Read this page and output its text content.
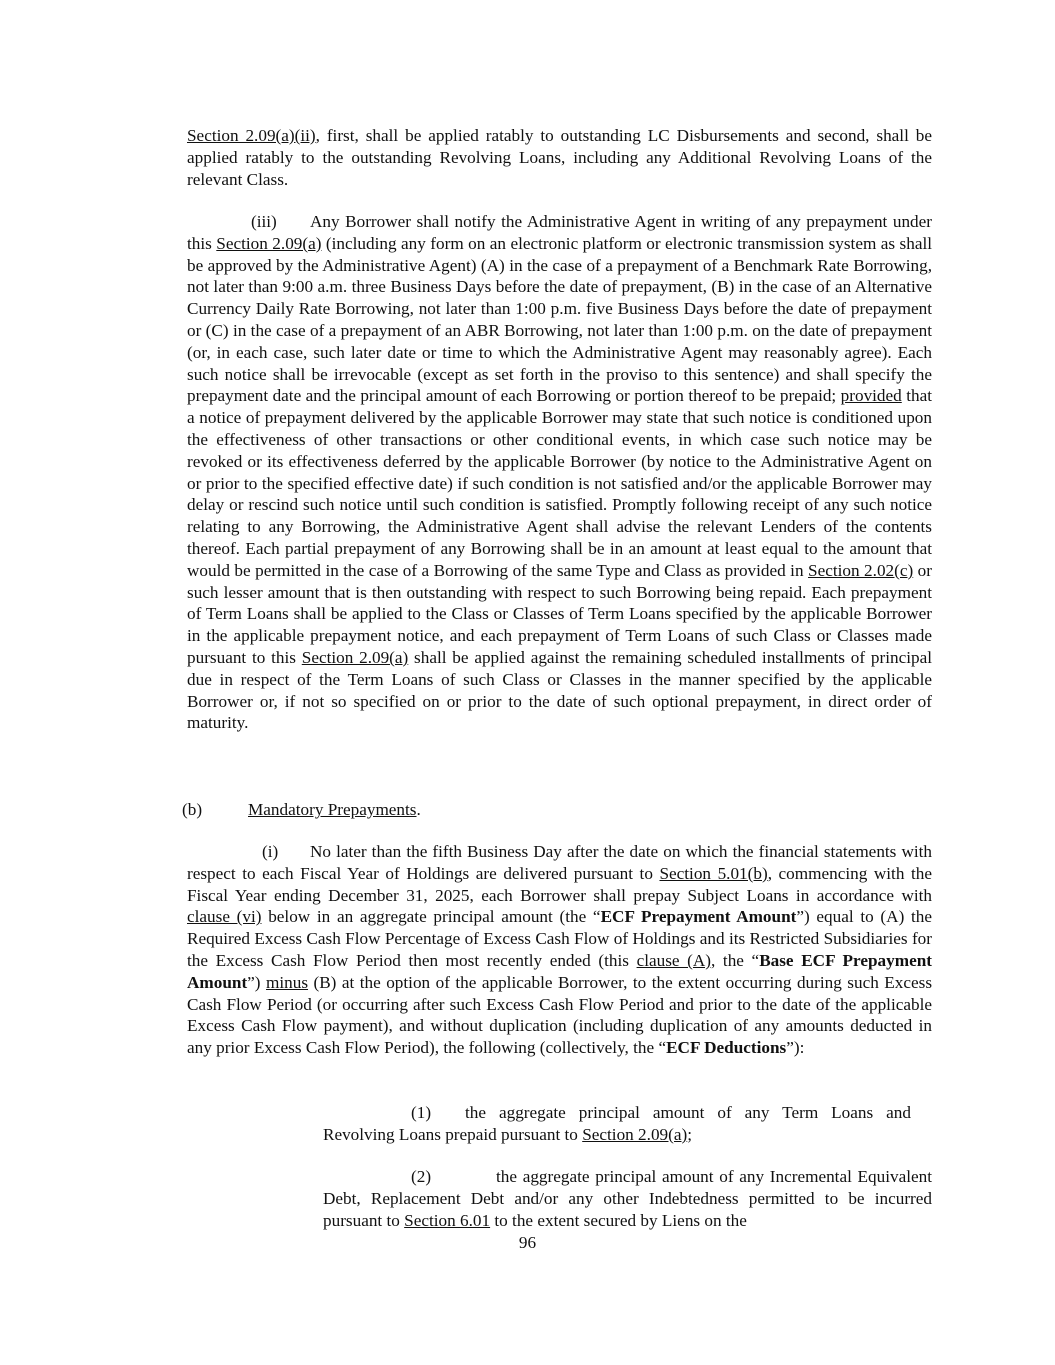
Section 2.09(a)(ii), first, shall be applied ratably to outstanding LC Disbursements and second, shall be applied ratably to the outstanding Revolving Loans, including any Additional Revolving Loans of the relevant Class.

(iii) Any Borrower shall notify the Administrative Agent in writing of any prepayment under this Section 2.09(a) (including any form on an electronic platform or electronic transmission system as shall be approved by the Administrative Agent) (A) in the case of a prepayment of a Benchmark Rate Borrowing, not later than 9:00 a.m. three Business Days before the date of prepayment, (B) in the case of an Alternative Currency Daily Rate Borrowing, not later than 1:00 p.m. five Business Days before the date of prepayment or (C) in the case of a prepayment of an ABR Borrowing, not later than 1:00 p.m. on the date of prepayment (or, in each case, such later date or time to which the Administrative Agent may reasonably agree). Each such notice shall be irrevocable (except as set forth in the proviso to this sentence) and shall specify the prepayment date and the principal amount of each Borrowing or portion thereof to be prepaid; provided that a notice of prepayment delivered by the applicable Borrower may state that such notice is conditioned upon the effectiveness of other transactions or other conditional events, in which case such notice may be revoked or its effectiveness deferred by the applicable Borrower (by notice to the Administrative Agent on or prior to the specified effective date) if such condition is not satisfied and/or the applicable Borrower may delay or rescind such notice until such condition is satisfied. Promptly following receipt of any such notice relating to any Borrowing, the Administrative Agent shall advise the relevant Lenders of the contents thereof. Each partial prepayment of any Borrowing shall be in an amount at least equal to the amount that would be permitted in the case of a Borrowing of the same Type and Class as provided in Section 2.02(c) or such lesser amount that is then outstanding with respect to such Borrowing being repaid. Each prepayment of Term Loans shall be applied to the Class or Classes of Term Loans specified by the applicable Borrower in the applicable prepayment notice, and each prepayment of Term Loans of such Class or Classes made pursuant to this Section 2.09(a) shall be applied against the remaining scheduled installments of principal due in respect of the Term Loans of such Class or Classes in the manner specified by the applicable Borrower or, if not so specified on or prior to the date of such optional prepayment, in direct order of maturity.

(b)	Mandatory Prepayments.

(i) No later than the fifth Business Day after the date on which the financial statements with respect to each Fiscal Year of Holdings are delivered pursuant to Section 5.01(b), commencing with the Fiscal Year ending December 31, 2025, each Borrower shall prepay Subject Loans in accordance with clause (vi) below in an aggregate principal amount (the “ECF Prepayment Amount”) equal to (A) the Required Excess Cash Flow Percentage of Excess Cash Flow of Holdings and its Restricted Subsidiaries for the Excess Cash Flow Period then most recently ended (this clause (A), the “Base ECF Prepayment Amount”) minus (B) at the option of the applicable Borrower, to the extent occurring during such Excess Cash Flow Period (or occurring after such Excess Cash Flow Period and prior to the date of the applicable Excess Cash Flow payment), and without duplication (including duplication of any amounts deducted in any prior Excess Cash Flow Period), the following (collectively, the “ECF Deductions”):

(1) the aggregate principal amount of any Term Loans and Revolving Loans prepaid pursuant to Section 2.09(a);

(2)	the aggregate principal amount of any Incremental Equivalent Debt, Replacement Debt and/or any other Indebtedness permitted to be incurred pursuant to Section 6.01 to the extent secured by Liens on the

96
